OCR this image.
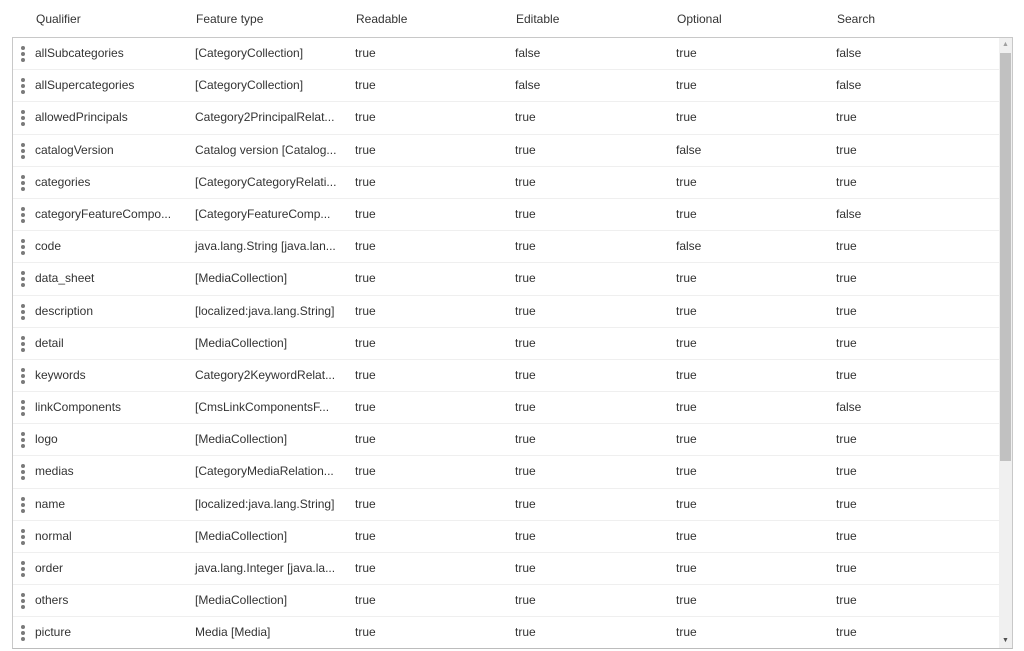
Qualifier	Feature type	Readable	Editable	Optional	Search
allSubcategories	[CategoryCollection]	true	false	true	false
allSupercategories	[CategoryCollection]	true	false	true	false
allowedPrincipals	Category2PrincipalRelat... true	true	true	true
catalogVersion	Catalog version [Catalog... true	true	false	true
categories	[CategoryCategoryRelati... true	true	true	true
categoryFeatureCompo... [CategoryFeatureComp... true	true	true	false
code	java.lang.String [java.lan... true	true	false	true
data_sheet	[MediaCollection]	true	true	true	true
description	[localized:java.lang.String] true	true	true	true
detail	[MediaCollection]	true	true	true	true
keywords	Category2KeywordRelat... true	true	true	true
linkComponents	[CmsLinkComponentsF... true	true	true	false
logo	[MediaCollection]	true	true	true	true
medias	[CategoryMediaRelation... true	true	true	true
name	[localized:java.lang.String] true	true	true	true
normal	[MediaCollection]	true	true	true	true
order	java.lang.Integer [java.la... true	true	true	true
others	[MediaCollection]	true	true	true	true
picture	Media [Media]	true	true	true	true
▲
▼
